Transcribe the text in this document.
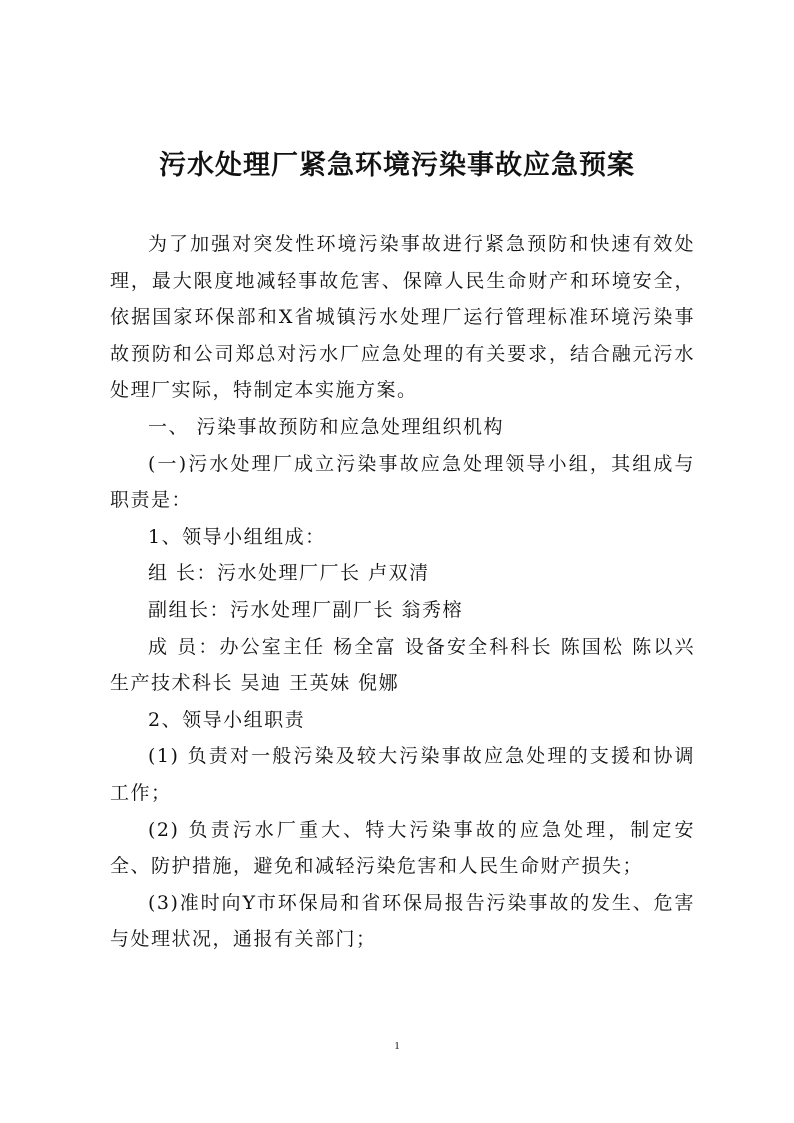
污水处理厂紧急环境污染事故应急预案

为了加强对突发性环境污染事故进行紧急预防和快速有效处理，最大限度地减轻事故危害、保障人民生命财产和环境安全，依据国家环保部和X省城镇污水处理厂运行管理标准环境污染事故预防和公司郑总对污水厂应急处理的有关要求，结合融元污水处理厂实际，特制定本实施方案。

一、 污染事故预防和应急处理组织机构

(一)污水处理厂成立污染事故应急处理领导小组，其组成与职责是：

1、领导小组组成：

组 长：污水处理厂厂长 卢双清

副组长：污水处理厂副厂长 翁秀榕

成 员：办公室主任 杨全富 设备安全科科长 陈国松 陈以兴 生产技术科长 吴迪 王英妹 倪娜

2、领导小组职责

(1) 负责对一般污染及较大污染事故应急处理的支援和协调工作；

(2) 负责污水厂重大、特大污染事故的应急处理，制定安全、防护措施，避免和减轻污染危害和人民生命财产损失；

(3)准时向Y市环保局和省环保局报告污染事故的发生、危害与处理状况，通报有关部门；

1
